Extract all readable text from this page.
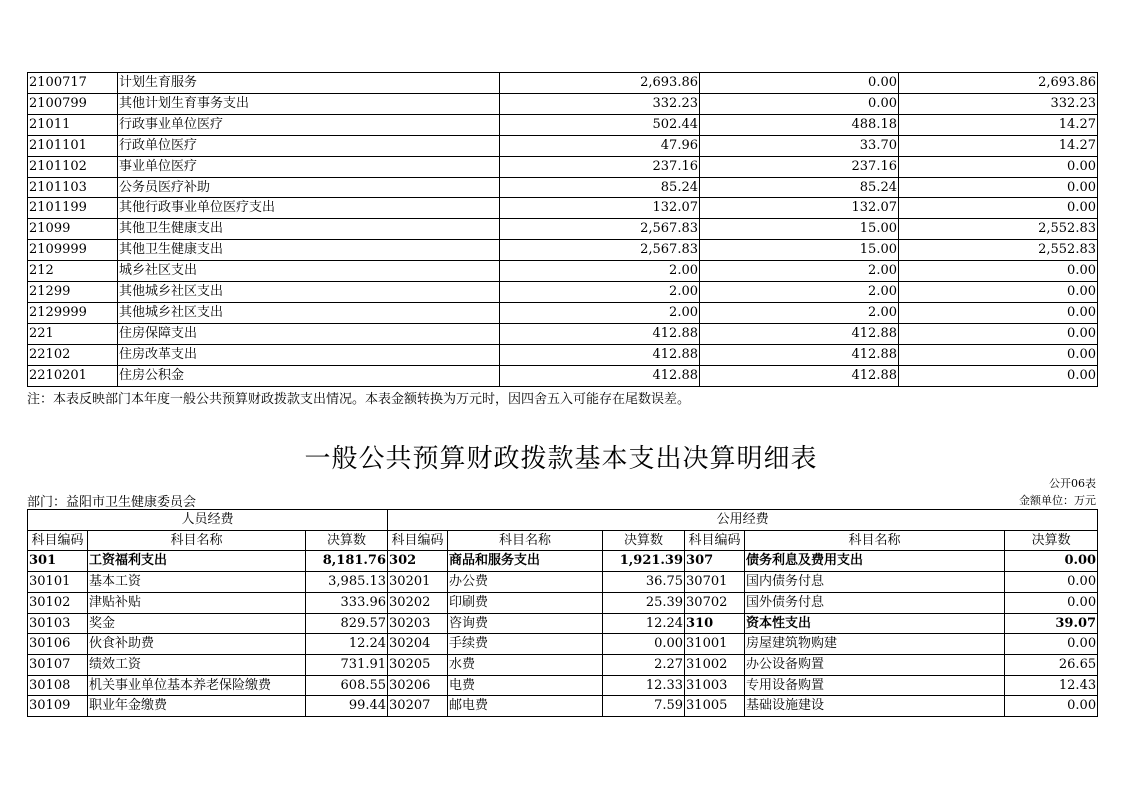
2100717	计划生育服务	2,693.86	0.00	2,693.86
2100799	其他计划生育事务支出	332.23	0.00	332.23
21011	行政事业单位医疗	502.44	488.18	14.27
2101101	行政单位医疗	47.96	33.70	14.27
2101102	事业单位医疗	237.16	237.16	0.00
2101103	公务员医疗补助	85.24	85.24	0.00
2101199	其他行政事业单位医疗支出	132.07	132.07	0.00
21099	其他卫生健康支出	2,567.83	15.00	2,552.83
2109999	其他卫生健康支出	2,567.83	15.00	2,552.83
212	城乡社区支出	2.00	2.00	0.00
21299	其他城乡社区支出	2.00	2.00	0.00
2129999	其他城乡社区支出	2.00	2.00	0.00
221	住房保障支出	412.88	412.88	0.00
22102	住房改革支出	412.88	412.88	0.00
2210201	住房公积金	412.88	412.88	0.00
注：本表反映部门本年度一般公共预算财政拨款支出情况。本表金额转换为万元时，因四舍五入可能存在尾数误差。
一般公共预算财政拨款基本支出决算明细表
公开06表
部门：益阳市卫生健康委员会	金额单位：万元
人员经费			公用经费					
科目编码	科目名称	决算数	科目编码	科目名称	决算数	科目编码	科目名称	决算数
301	工资福利支出	8,181.76	302	商品和服务支出	1,921.39	307	债务利息及费用支出	0.00
30101	基本工资	3,985.13	30201	办公费	36.75	30701	国内债务付息	0.00
30102	津贴补贴	333.96	30202	印刷费	25.39	30702	国外债务付息	0.00
30103	奖金	829.57	30203	咨询费	12.24	310	资本性支出	39.07
30106	伙食补助费	12.24	30204	手续费	0.00	31001	房屋建筑物购建	0.00
30107	绩效工资	731.91	30205	水费	2.27	31002	办公设备购置	26.65
30108	机关事业单位基本养老保险缴费	608.55	30206	电费	12.33	31003	专用设备购置	12.43
30109	职业年金缴费	99.44	30207	邮电费	7.59	31005	基础设施建设	0.00
